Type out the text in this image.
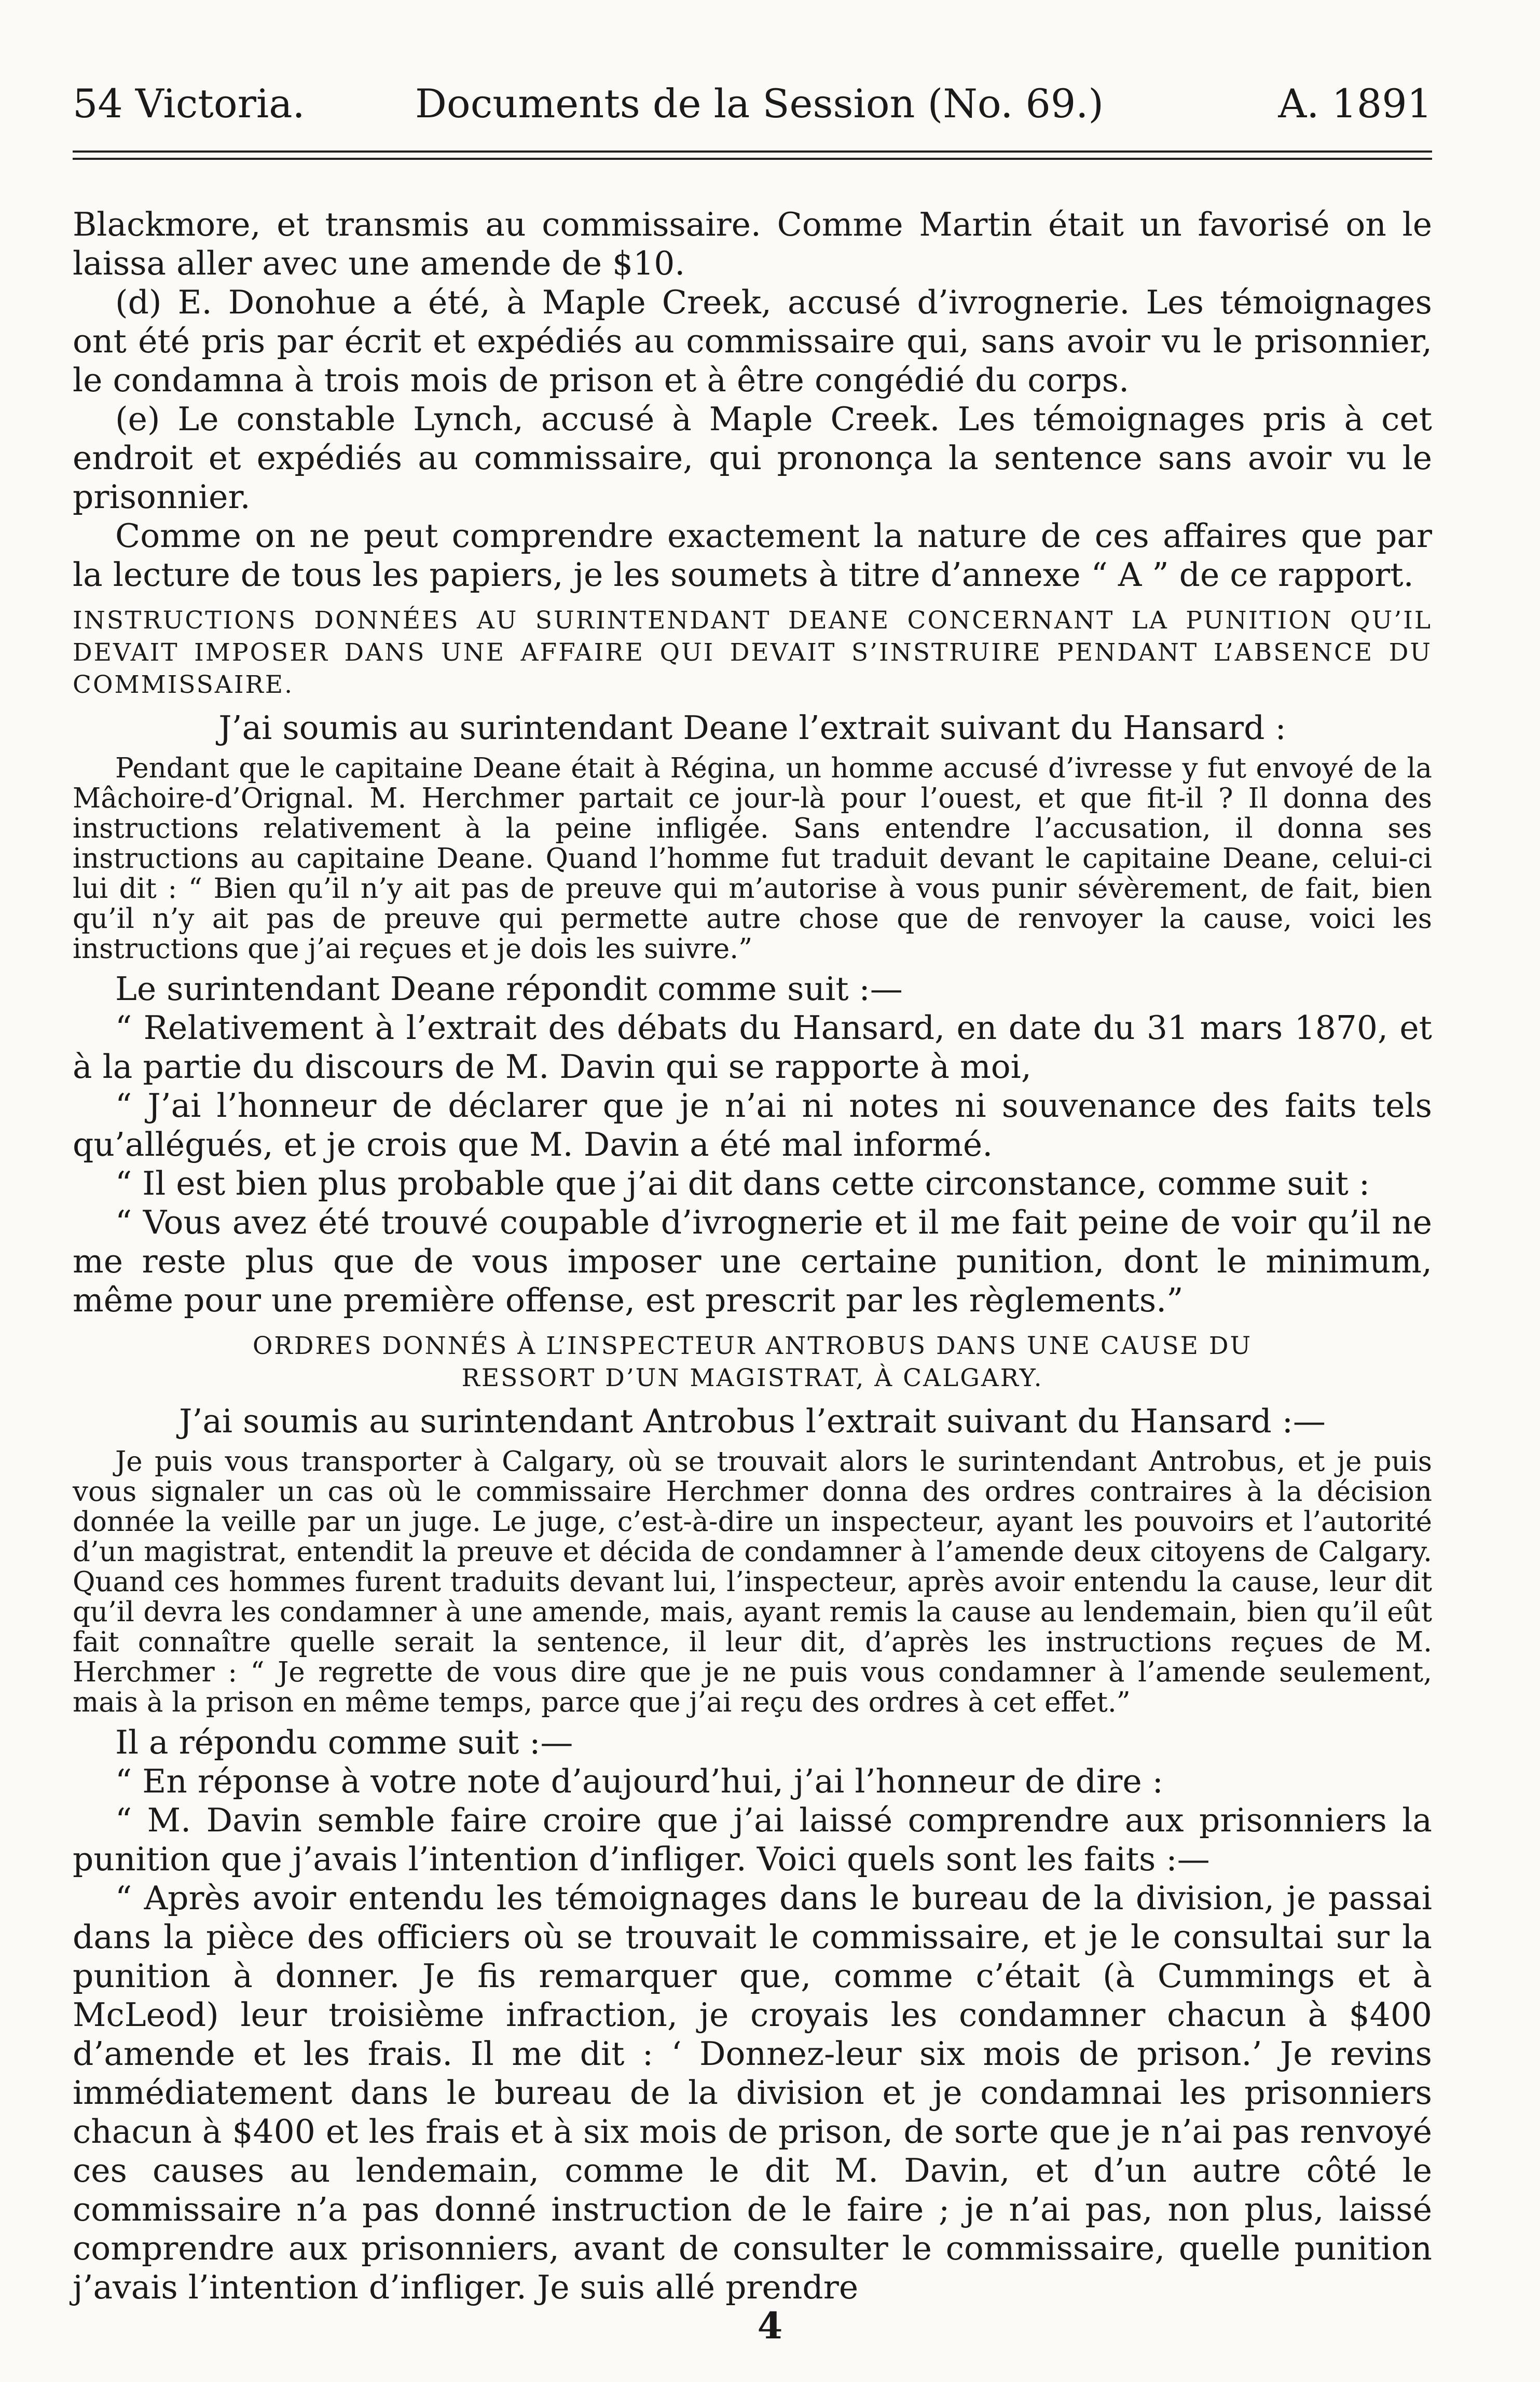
54 Victoria.	Documents de la Session (No. 69.)	A. 1891

Blackmore, et transmis au commissaire. Comme Martin était un favorisé on le laissa aller avec une amende de $10.

(d) E. Donohue a été, à Maple Creek, accusé d’ivrognerie. Les témoignages ont été pris par écrit et expédiés au commissaire qui, sans avoir vu le prisonnier, le condamna à trois mois de prison et à être congédié du corps.

(e) Le constable Lynch, accusé à Maple Creek. Les témoignages pris à cet endroit et expédiés au commissaire, qui prononça la sentence sans avoir vu le prisonnier.

Comme on ne peut comprendre exactement la nature de ces affaires que par la lecture de tous les papiers, je les soumets à titre d’annexe “ A ” de ce rapport.

INSTRUCTIONS DONNÉES AU SURINTENDANT DEANE CONCERNANT LA PUNITION QU’IL DEVAIT IMPOSER DANS UNE AFFAIRE QUI DEVAIT S’INSTRUIRE PENDANT L’ABSENCE DU COMMISSAIRE.

J’ai soumis au surintendant Deane l’extrait suivant du Hansard :

Pendant que le capitaine Deane était à Régina, un homme accusé d’ivresse y fut envoyé de la Mâchoire-d’Orignal. M. Herchmer partait ce jour-là pour l’ouest, et que fit-il ? Il donna des instructions relativement à la peine infligée. Sans entendre l’accusation, il donna ses instructions au capitaine Deane. Quand l’homme fut traduit devant le capitaine Deane, celui-ci lui dit : “ Bien qu’il n’y ait pas de preuve qui m’autorise à vous punir sévèrement, de fait, bien qu’il n’y ait pas de preuve qui permette autre chose que de renvoyer la cause, voici les instructions que j’ai reçues et je dois les suivre.”

Le surintendant Deane répondit comme suit :—

“ Relativement à l’extrait des débats du Hansard, en date du 31 mars 1870, et à la partie du discours de M. Davin qui se rapporte à moi,

“ J’ai l’honneur de déclarer que je n’ai ni notes ni souvenance des faits tels qu’allégués, et je crois que M. Davin a été mal informé.

“ Il est bien plus probable que j’ai dit dans cette circonstance, comme suit :

“ Vous avez été trouvé coupable d’ivrognerie et il me fait peine de voir qu’il ne me reste plus que de vous imposer une certaine punition, dont le minimum, même pour une première offense, est prescrit par les règlements.”

ORDRES DONNÉS À L’INSPECTEUR ANTROBUS DANS UNE CAUSE DU RESSORT D’UN MAGISTRAT, À CALGARY.

J’ai soumis au surintendant Antrobus l’extrait suivant du Hansard :—

Je puis vous transporter à Calgary, où se trouvait alors le surintendant Antrobus, et je puis vous signaler un cas où le commissaire Herchmer donna des ordres contraires à la décision donnée la veille par un juge. Le juge, c’est-à-dire un inspecteur, ayant les pouvoirs et l’autorité d’un magistrat, entendit la preuve et décida de condamner à l’amende deux citoyens de Calgary. Quand ces hommes furent traduits devant lui, l’inspecteur, après avoir entendu la cause, leur dit qu’il devra les condamner à une amende, mais, ayant remis la cause au lendemain, bien qu’il eût fait connaître quelle serait la sentence, il leur dit, d’après les instructions reçues de M. Herchmer : “ Je regrette de vous dire que je ne puis vous condamner à l’amende seulement, mais à la prison en même temps, parce que j’ai reçu des ordres à cet effet.”

Il a répondu comme suit :—

“ En réponse à votre note d’aujourd’hui, j’ai l’honneur de dire :

“ M. Davin semble faire croire que j’ai laissé comprendre aux prisonniers la punition que j’avais l’intention d’infliger. Voici quels sont les faits :—

“ Après avoir entendu les témoignages dans le bureau de la division, je passai dans la pièce des officiers où se trouvait le commissaire, et je le consultai sur la punition à donner. Je fis remarquer que, comme c’était (à Cummings et à McLeod) leur troisième infraction, je croyais les condamner chacun à $400 d’amende et les frais. Il me dit : ‘ Donnez-leur six mois de prison.’ Je revins immédiatement dans le bureau de la division et je condamnai les prisonniers chacun à $400 et les frais et à six mois de prison, de sorte que je n’ai pas renvoyé ces causes au lendemain, comme le dit M. Davin, et d’un autre côté le commissaire n’a pas donné instruction de le faire ; je n’ai pas, non plus, laissé comprendre aux prisonniers, avant de consulter le commissaire, quelle punition j’avais l’intention d’infliger. Je suis allé prendre

4
